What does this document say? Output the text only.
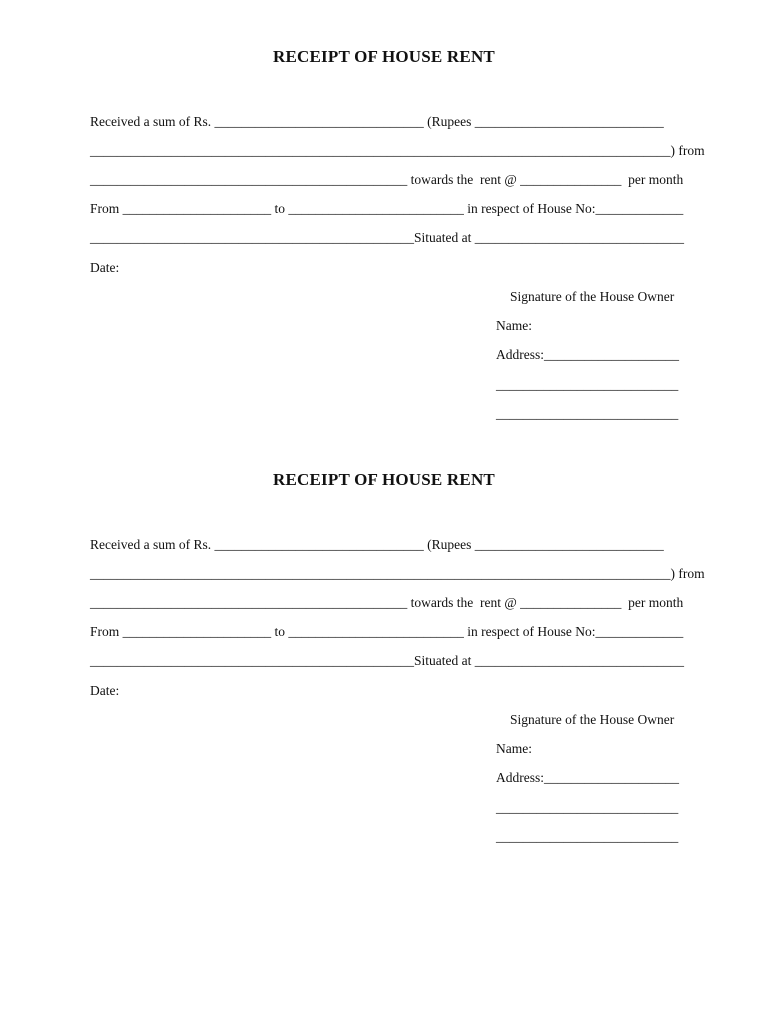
RECEIPT OF HOUSE RENT
Received a sum of Rs. _______________________________ (Rupees ____________________________
______________________________________________________________________________________) from
_______________________________________________ towards the  rent @ _______________  per month
From ______________________ to __________________________ in respect of House No:_____________
________________________________________________Situated at _______________________________
Date:
Signature of the House Owner
Name:
Address:____________________
___________________________
___________________________
RECEIPT OF HOUSE RENT
Received a sum of Rs. _______________________________ (Rupees ____________________________
______________________________________________________________________________________) from
_______________________________________________ towards the  rent @ _______________  per month
From ______________________ to __________________________ in respect of House No:_____________
________________________________________________Situated at _______________________________
Date:
Signature of the House Owner
Name:
Address:____________________
___________________________
___________________________
